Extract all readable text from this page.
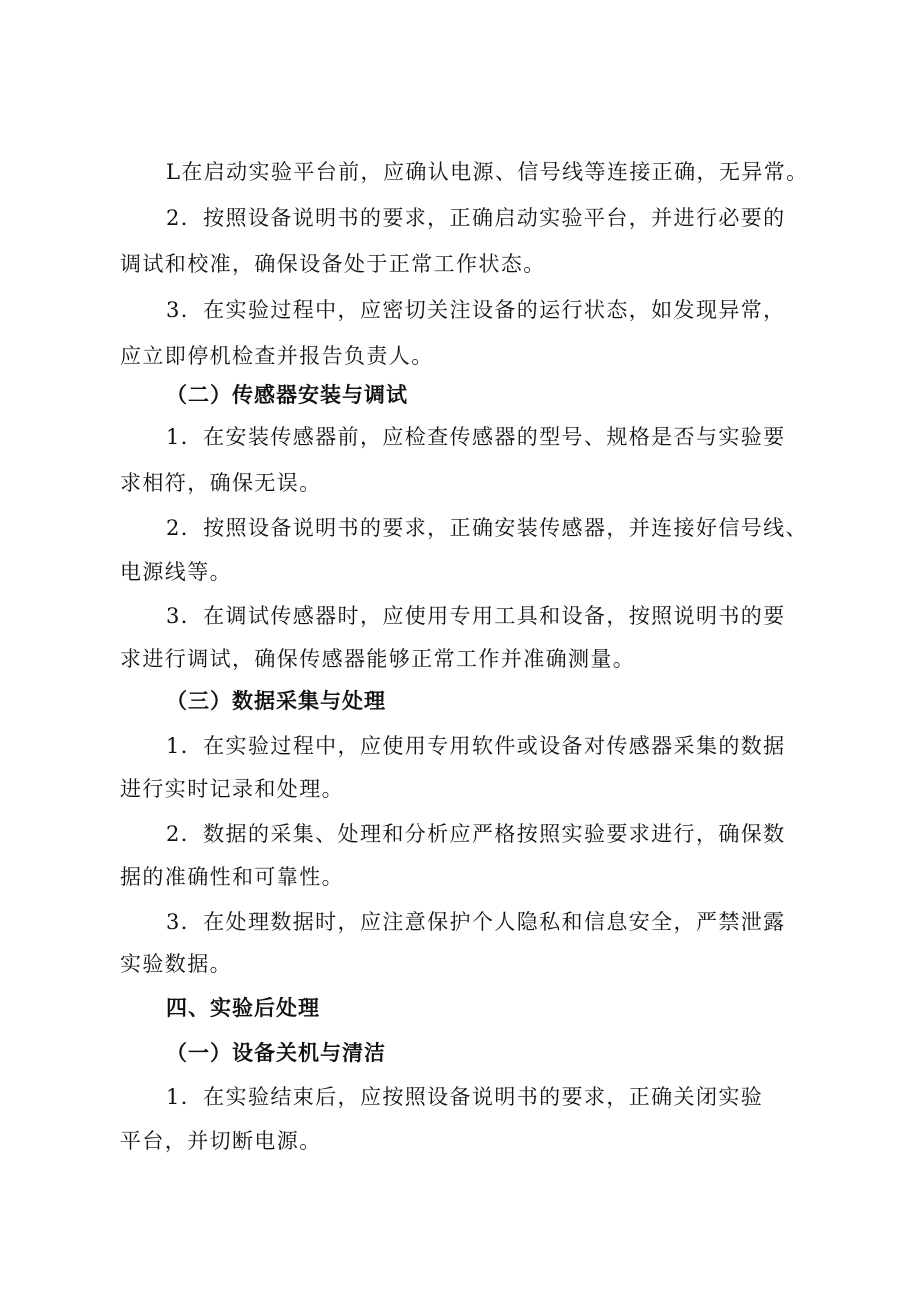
L在启动实验平台前，应确认电源、信号线等连接正确，无异常。
2．按照设备说明书的要求，正确启动实验平台，并进行必要的
调试和校准，确保设备处于正常工作状态。
3．在实验过程中，应密切关注设备的运行状态，如发现异常，
应立即停机检查并报告负责人。
（二）传感器安装与调试
1．在安装传感器前，应检查传感器的型号、规格是否与实验要
求相符，确保无误。
2．按照设备说明书的要求，正确安装传感器，并连接好信号线、
电源线等。
3．在调试传感器时，应使用专用工具和设备，按照说明书的要
求进行调试，确保传感器能够正常工作并准确测量。
（三）数据采集与处理
1．在实验过程中，应使用专用软件或设备对传感器采集的数据
进行实时记录和处理。
2．数据的采集、处理和分析应严格按照实验要求进行，确保数
据的准确性和可靠性。
3．在处理数据时，应注意保护个人隐私和信息安全，严禁泄露
实验数据。
四、实验后处理
（一）设备关机与清洁
1．在实验结束后，应按照设备说明书的要求，正确关闭实验
平台，并切断电源。
